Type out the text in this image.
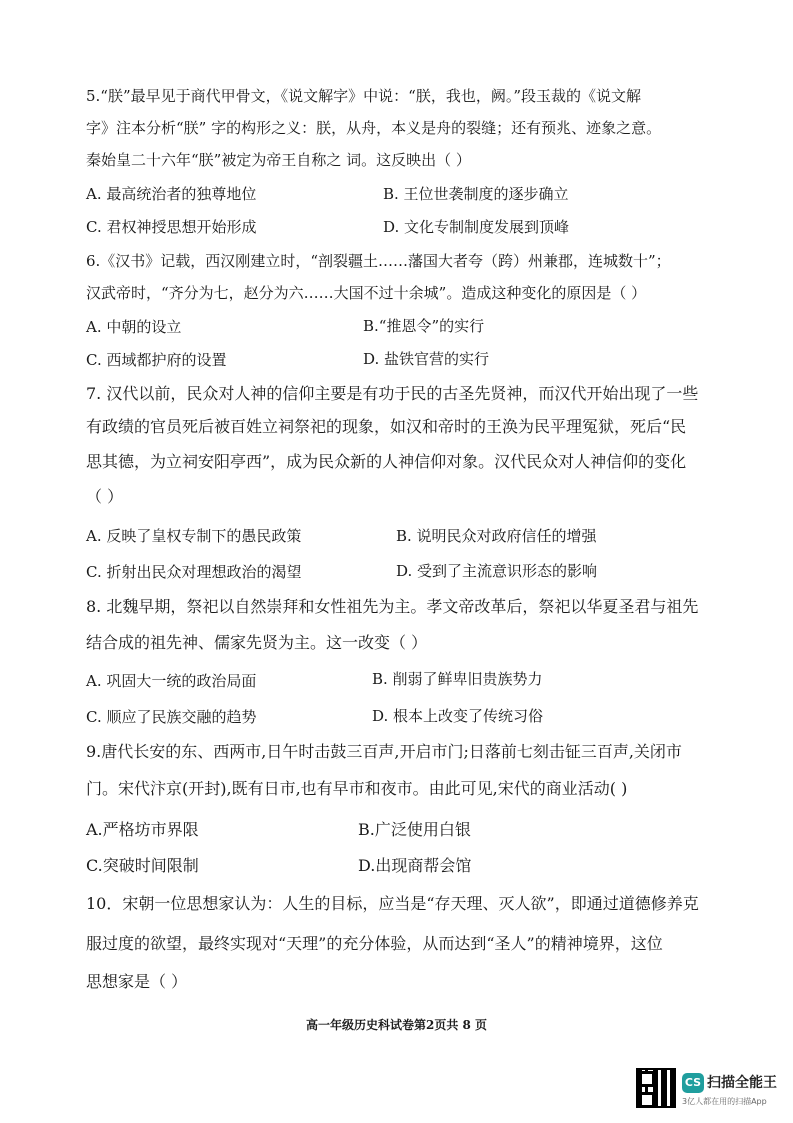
5.“朕”最早见于商代甲骨文，《说文解字》中说：“朕，我也，阙。”段玉裁的《说文解
字》注本分析“朕” 字的构形之义：朕，从舟，本义是舟的裂缝；还有预兆、迹象之意。
秦始皇二十六年“朕”被定为帝王自称之 词。这反映出（ ）
A. 最高统治者的独尊地位	B. 王位世袭制度的逐步确立
C. 君权神授思想开始形成	D. 文化专制制度发展到顶峰
6.《汉书》记载，西汉刚建立时，“剖裂疆土……藩国大者夸（跨）州兼郡，连城数十”；
汉武帝时，“齐分为七，赵分为六……大国不过十余城”。造成这种变化的原因是（ ）
A. 中朝的设立	B.“推恩令”的实行
C. 西域都护府的设置	D. 盐铁官营的实行
7. 汉代以前，民众对人神的信仰主要是有功于民的古圣先贤神，而汉代开始出现了一些
有政绩的官员死后被百姓立祠祭祀的现象，如汉和帝时的王涣为民平理冤狱，死后“民
思其德，为立祠安阳亭西”，成为民众新的人神信仰对象。汉代民众对人神信仰的变化
（ ）
A. 反映了皇权专制下的愚民政策	B. 说明民众对政府信任的增强
C. 折射出民众对理想政治的渴望	D. 受到了主流意识形态的影响
8. 北魏早期，祭祀以自然崇拜和女性祖先为主。孝文帝改革后，祭祀以华夏圣君与祖先
结合成的祖先神、儒家先贤为主。这一改变（ ）
A. 巩固大一统的政治局面	B. 削弱了鲜卑旧贵族势力
C. 顺应了民族交融的趋势	D. 根本上改变了传统习俗
9.唐代长安的东、西两市,日午时击鼓三百声,开启市门;日落前七刻击钲三百声,关闭市
门。宋代汴京(开封),既有日市,也有早市和夜市。由此可见,宋代的商业活动( )
A.严格坊市界限	B.广泛使用白银
C.突破时间限制	D.出现商帮会馆
10．宋朝一位思想家认为：人生的目标，应当是“存天理、灭人欲”，即通过道德修养克
服过度的欲望，最终实现对“天理”的充分体验，从而达到“圣人”的精神境界，这位
思想家是（ ）
高一年级历史科试卷第2页共 8 页
CS 扫描全能王
3亿人都在用的扫描App
